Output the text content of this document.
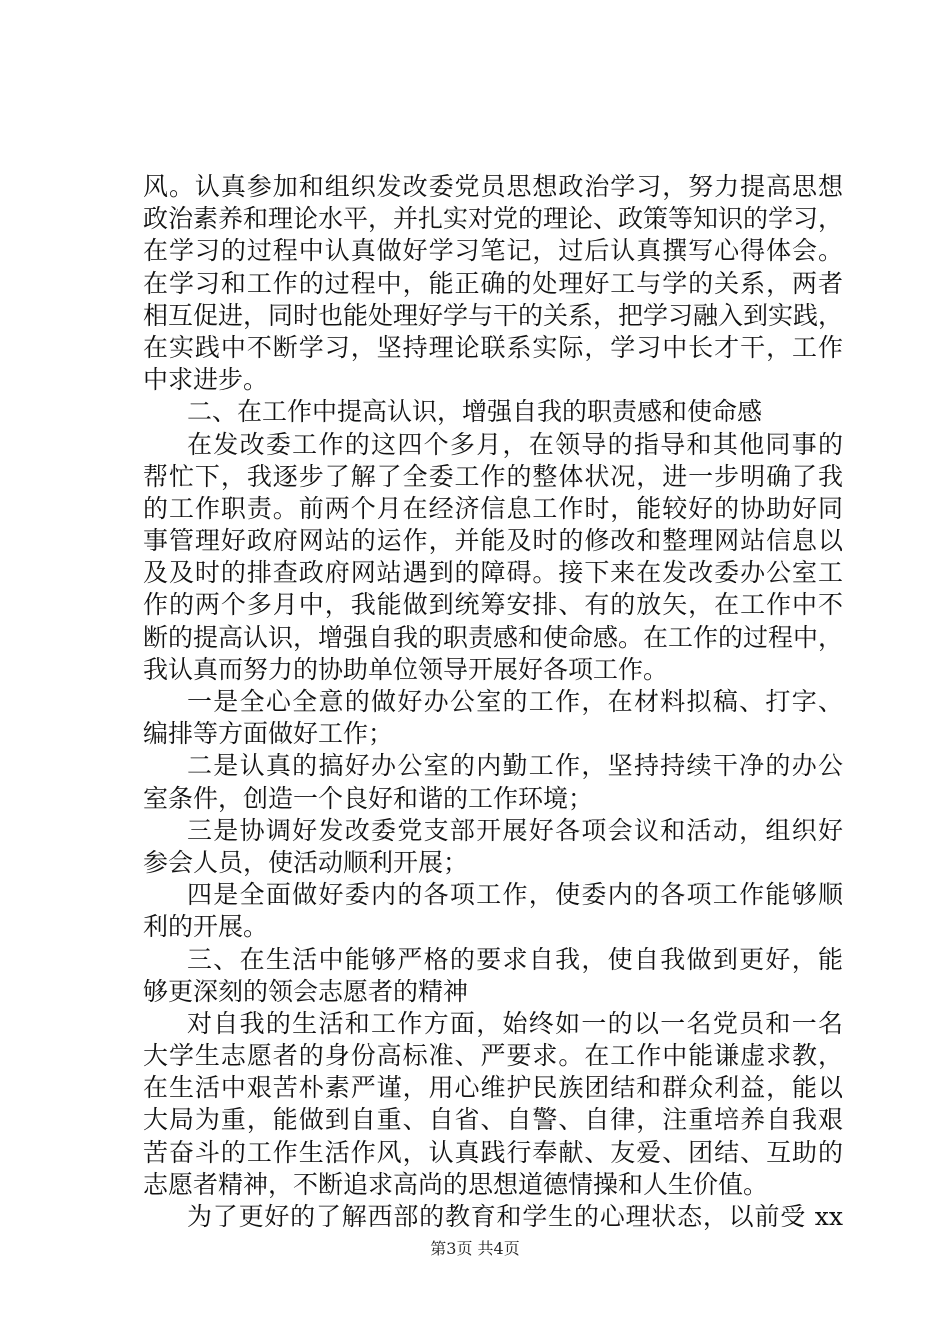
风。认真参加和组织发改委党员思想政治学习，努力提高思想
政治素养和理论水平，并扎实对党的理论、政策等知识的学习，
在学习的过程中认真做好学习笔记，过后认真撰写心得体会。
在学习和工作的过程中，能正确的处理好工与学的关系，两者
相互促进，同时也能处理好学与干的关系，把学习融入到实践，
在实践中不断学习，坚持理论联系实际，学习中长才干，工作
中求进步。
二、在工作中提高认识，增强自我的职责感和使命感
在发改委工作的这四个多月，在领导的指导和其他同事的
帮忙下，我逐步了解了全委工作的整体状况，进一步明确了我
的工作职责。前两个月在经济信息工作时，能较好的协助好同
事管理好政府网站的运作，并能及时的修改和整理网站信息以
及及时的排查政府网站遇到的障碍。接下来在发改委办公室工
作的两个多月中，我能做到统筹安排、有的放矢，在工作中不
断的提高认识，增强自我的职责感和使命感。在工作的过程中，
我认真而努力的协助单位领导开展好各项工作。
一是全心全意的做好办公室的工作，在材料拟稿、打字、
编排等方面做好工作；
二是认真的搞好办公室的内勤工作，坚持持续干净的办公
室条件，创造一个良好和谐的工作环境；
三是协调好发改委党支部开展好各项会议和活动，组织好
参会人员，使活动顺利开展；
四是全面做好委内的各项工作，使委内的各项工作能够顺
利的开展。
三、在生活中能够严格的要求自我，使自我做到更好，能
够更深刻的领会志愿者的精神
对自我的生活和工作方面，始终如一的以一名党员和一名
大学生志愿者的身份高标准、严要求。在工作中能谦虚求教，
在生活中艰苦朴素严谨，用心维护民族团结和群众利益，能以
大局为重，能做到自重、自省、自警、自律，注重培养自我艰
苦奋斗的工作生活作风，认真践行奉献、友爱、团结、互助的
志愿者精神，不断追求高尚的思想道德情操和人生价值。
为了更好的了解西部的教育和学生的心理状态，以前受 xx
第3页 共4页
